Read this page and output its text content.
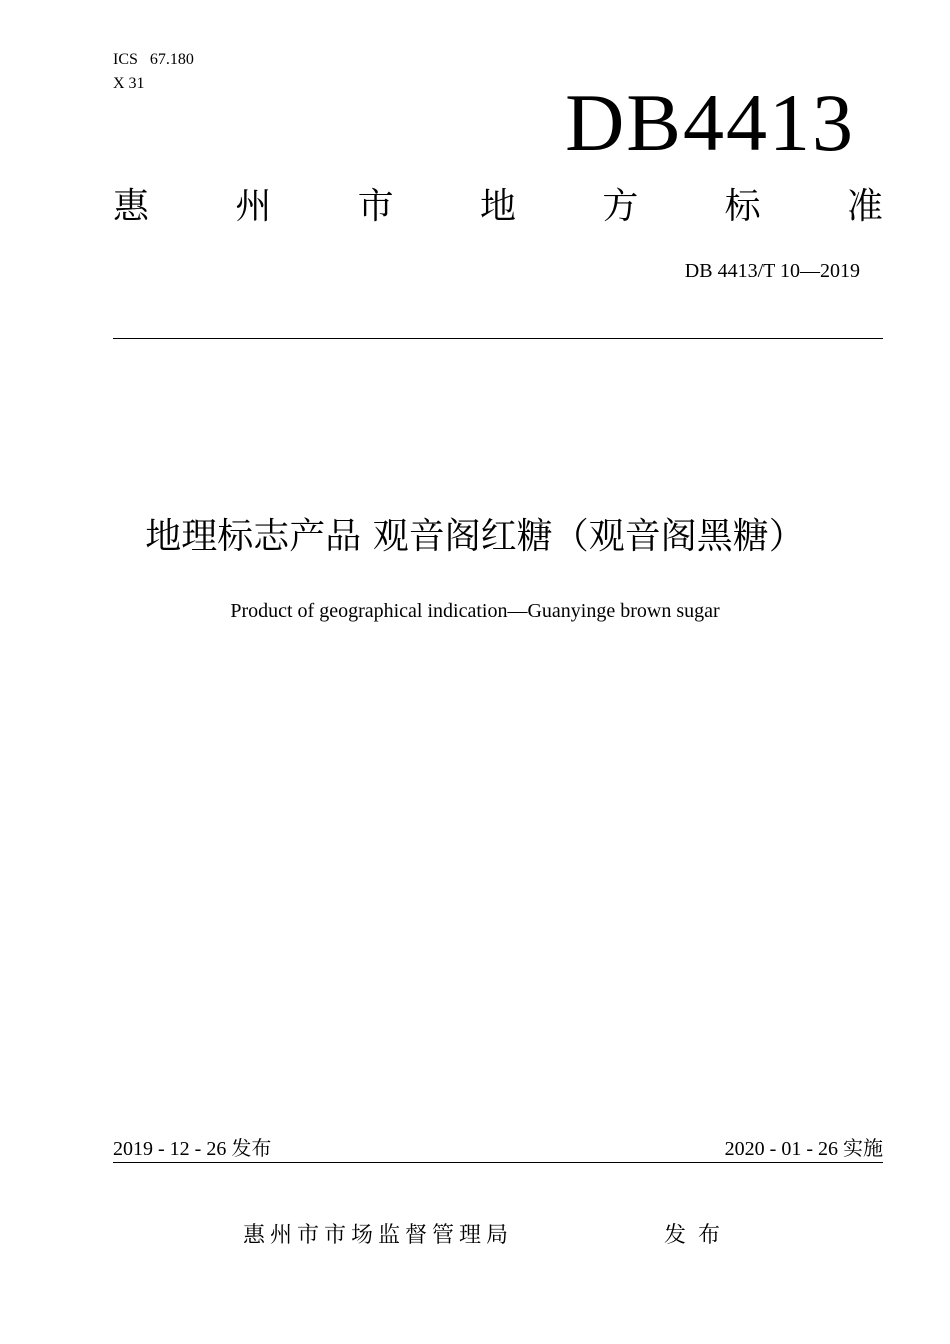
ICS   67.180
X 31	DB4413
惠 州 市 地 方 标 准
DB 4413/T 10—2019
地理标志产品 观音阁红糖（观音阁黑糖）
Product of geographical indication—Guanyinge brown sugar
2019 - 12 - 26 发布	2020 - 01 - 26 实施
惠州市市场监督管理局	发布
